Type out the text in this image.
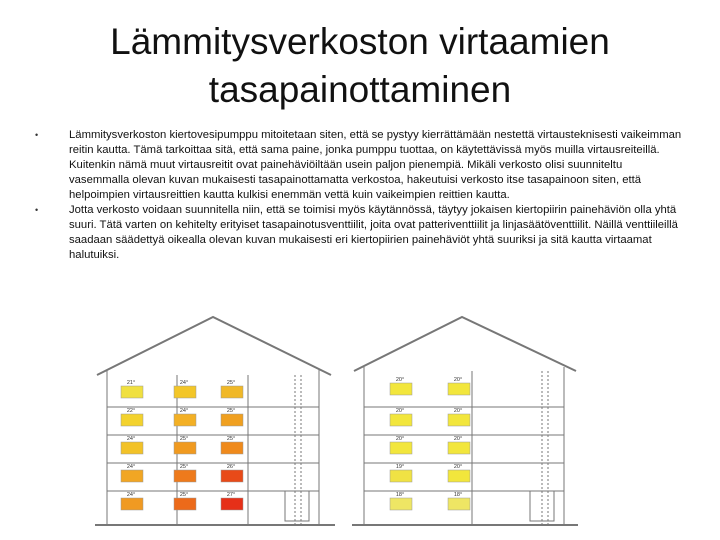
Lämmitysverkoston virtaamien
tasapainottaminen
•	Lämmitysverkoston kiertovesipumppu mitoitetaan siten, että se pystyy kierrättämään nestettä virtausteknisesti vaikeimman reitin kautta. Tämä tarkoittaa sitä, että sama paine, jonka pumppu tuottaa, on käytettävissä myös muilla virtausreiteillä. Kuitenkin nämä muut virtausreitit ovat painehäviöiltään usein paljon pienempiä. Mikäli verkosto olisi suunniteltu vasemmalla olevan kuvan mukaisesti tasapainottamatta verkostoa, hakeutuisi verkosto itse tasapainoon siten, että helpoimpien virtausreittien kautta kulkisi enemmän vettä kuin vaikeimpien reittien kautta.
•	Jotta verkosto voidaan suunnitella niin, että se toimisi myös käytännössä, täytyy jokaisen kiertopiirin painehäviön olla yhtä suuri. Tätä varten on kehitelty erityiset tasapainotusventtiilit, joita ovat patteriventtiilit ja linjasäätöventtiilit. Näillä venttiileillä saadaan säädettyä oikealla olevan kuvan mukaisesti eri kiertopiirien painehäviöt yhtä suuriksi ja sitä kautta virtaamat halutuiksi.
21°	24°	25°
22°	24°	25°
24°	25°	25°
24°	25°	26°
24°	25°	27°
20°	20°
20°	20°
20°	20°
19°	20°
18°	18°
